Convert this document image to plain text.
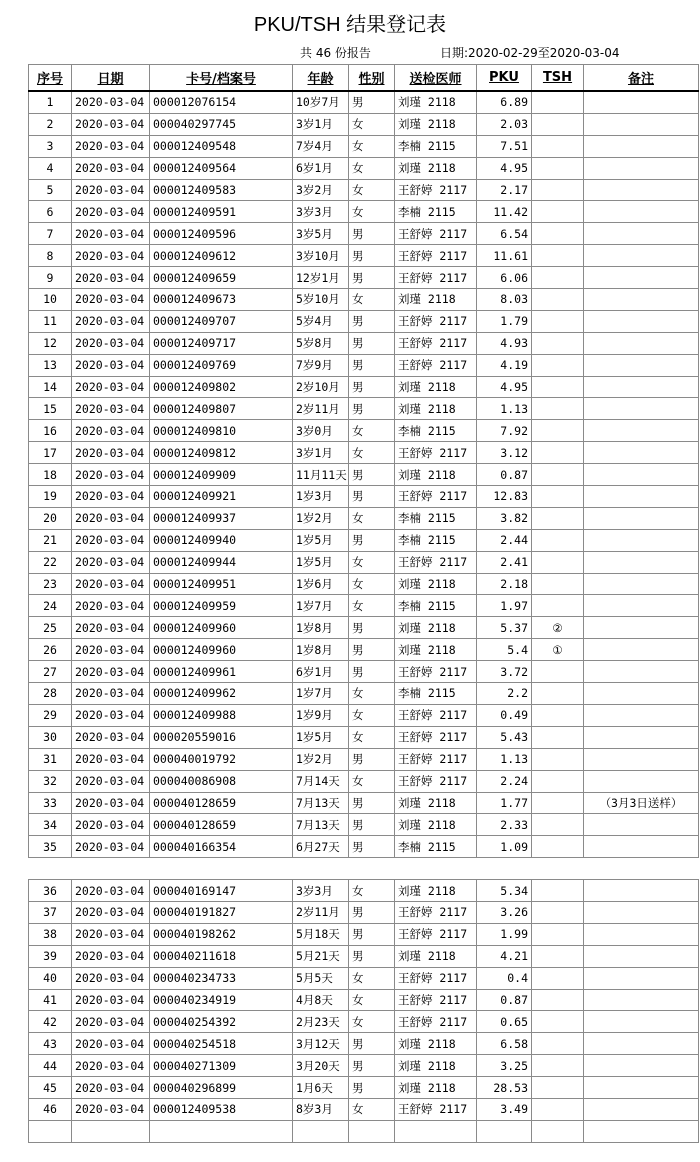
PKU/TSH 结果登记表
共 46 份报告	日期:2020-02-29至2020-03-04
序号	日期	卡号/档案号	年龄	性别	送检医师	PKU	TSH	备注
1	2020-03-04	000012076154	10岁7月	男	刘瑾 2118	6.89		
2	2020-03-04	000040297745	3岁1月	女	刘瑾 2118	2.03		
3	2020-03-04	000012409548	7岁4月	女	李楠 2115	7.51		
4	2020-03-04	000012409564	6岁1月	女	刘瑾 2118	4.95		
5	2020-03-04	000012409583	3岁2月	女	王舒婷 2117	2.17		
6	2020-03-04	000012409591	3岁3月	女	李楠 2115	11.42		
7	2020-03-04	000012409596	3岁5月	男	王舒婷 2117	6.54		
8	2020-03-04	000012409612	3岁10月	男	王舒婷 2117	11.61		
9	2020-03-04	000012409659	12岁1月	男	王舒婷 2117	6.06		
10	2020-03-04	000012409673	5岁10月	女	刘瑾 2118	8.03		
11	2020-03-04	000012409707	5岁4月	男	王舒婷 2117	1.79		
12	2020-03-04	000012409717	5岁8月	男	王舒婷 2117	4.93		
13	2020-03-04	000012409769	7岁9月	男	王舒婷 2117	4.19		
14	2020-03-04	000012409802	2岁10月	男	刘瑾 2118	4.95		
15	2020-03-04	000012409807	2岁11月	男	刘瑾 2118	1.13		
16	2020-03-04	000012409810	3岁0月	女	李楠 2115	7.92		
17	2020-03-04	000012409812	3岁1月	女	王舒婷 2117	3.12		
18	2020-03-04	000012409909	11月11天	男	刘瑾 2118	0.87		
19	2020-03-04	000012409921	1岁3月	男	王舒婷 2117	12.83		
20	2020-03-04	000012409937	1岁2月	女	李楠 2115	3.82		
21	2020-03-04	000012409940	1岁5月	男	李楠 2115	2.44		
22	2020-03-04	000012409944	1岁5月	女	王舒婷 2117	2.41		
23	2020-03-04	000012409951	1岁6月	女	刘瑾 2118	2.18		
24	2020-03-04	000012409959	1岁7月	女	李楠 2115	1.97		
25	2020-03-04	000012409960	1岁8月	男	刘瑾 2118	5.37	②	
26	2020-03-04	000012409960	1岁8月	男	刘瑾 2118	5.4	①	
27	2020-03-04	000012409961	6岁1月	男	王舒婷 2117	3.72		
28	2020-03-04	000012409962	1岁7月	女	李楠 2115	2.2		
29	2020-03-04	000012409988	1岁9月	女	王舒婷 2117	0.49		
30	2020-03-04	000020559016	1岁5月	女	王舒婷 2117	5.43		
31	2020-03-04	000040019792	1岁2月	男	王舒婷 2117	1.13		
32	2020-03-04	000040086908	7月14天	女	王舒婷 2117	2.24		
33	2020-03-04	000040128659	7月13天	男	刘瑾 2118	1.77		（3月3日送样）
34	2020-03-04	000040128659	7月13天	男	刘瑾 2118	2.33		
35	2020-03-04	000040166354	6月27天	男	李楠 2115	1.09		

36	2020-03-04	000040169147	3岁3月	女	刘瑾 2118	5.34		
37	2020-03-04	000040191827	2岁11月	男	王舒婷 2117	3.26		
38	2020-03-04	000040198262	5月18天	男	王舒婷 2117	1.99		
39	2020-03-04	000040211618	5月21天	男	刘瑾 2118	4.21		
40	2020-03-04	000040234733	5月5天	女	王舒婷 2117	0.4		
41	2020-03-04	000040234919	4月8天	女	王舒婷 2117	0.87		
42	2020-03-04	000040254392	2月23天	女	王舒婷 2117	0.65		
43	2020-03-04	000040254518	3月12天	男	刘瑾 2118	6.58		
44	2020-03-04	000040271309	3月20天	男	刘瑾 2118	3.25		
45	2020-03-04	000040296899	1月6天	男	刘瑾 2118	28.53		
46	2020-03-04	000012409538	8岁3月	女	王舒婷 2117	3.49		
